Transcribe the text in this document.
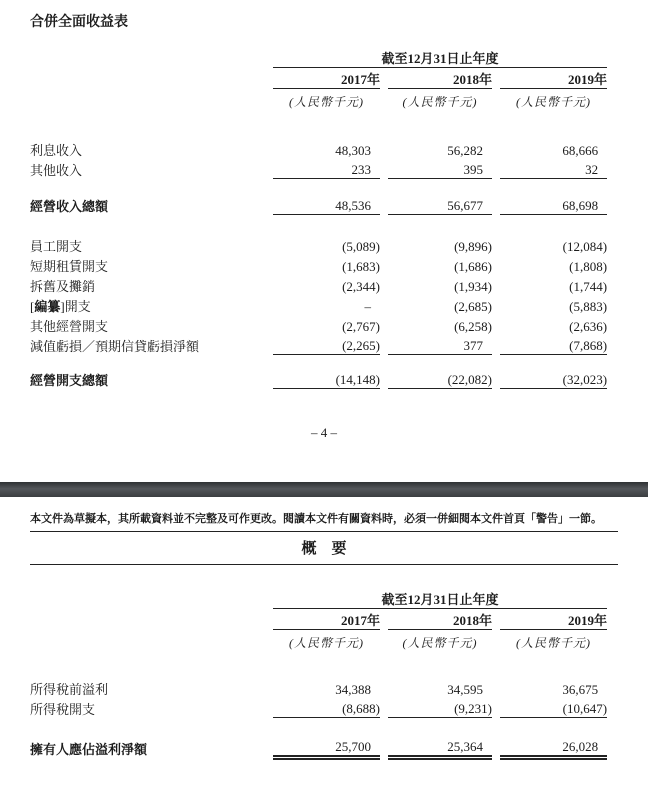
合併全面收益表
	截至12月31日止年度				
	2017年		2018年		2019年
	(人民幣千元)		(人民幣千元)		(人民幣千元)

利息收入	48,303		56,282		68,666
其他收入	233		395		32

經營收入總額	48,536		56,677		68,698

員工開支	(5,089)		(9,896)		(12,084)
短期租賃開支	(1,683)		(1,686)		(1,808)
拆舊及攤銷	(2,344)		(1,934)		(1,744)
[編纂]開支	–		(2,685)		(5,883)
其他經營開支	(2,767)		(6,258)		(2,636)
減值虧損／預期信貸虧損淨額	(2,265)		377		(7,868)

經營開支總額	(14,148)		(22,082)		(32,023)
– 4 –
本文件為草擬本，其所載資料並不完整及可作更改。閱讀本文件有關資料時，必須一併細閱本文件首頁「警告」一節。
概　要
	截至12月31日止年度				
	2017年		2018年		2019年
	(人民幣千元)		(人民幣千元)		(人民幣千元)

所得稅前溢利	34,388		34,595		36,675
所得稅開支	(8,688)		(9,231)		(10,647)

擁有人應佔溢利淨額	25,700		25,364		26,028
